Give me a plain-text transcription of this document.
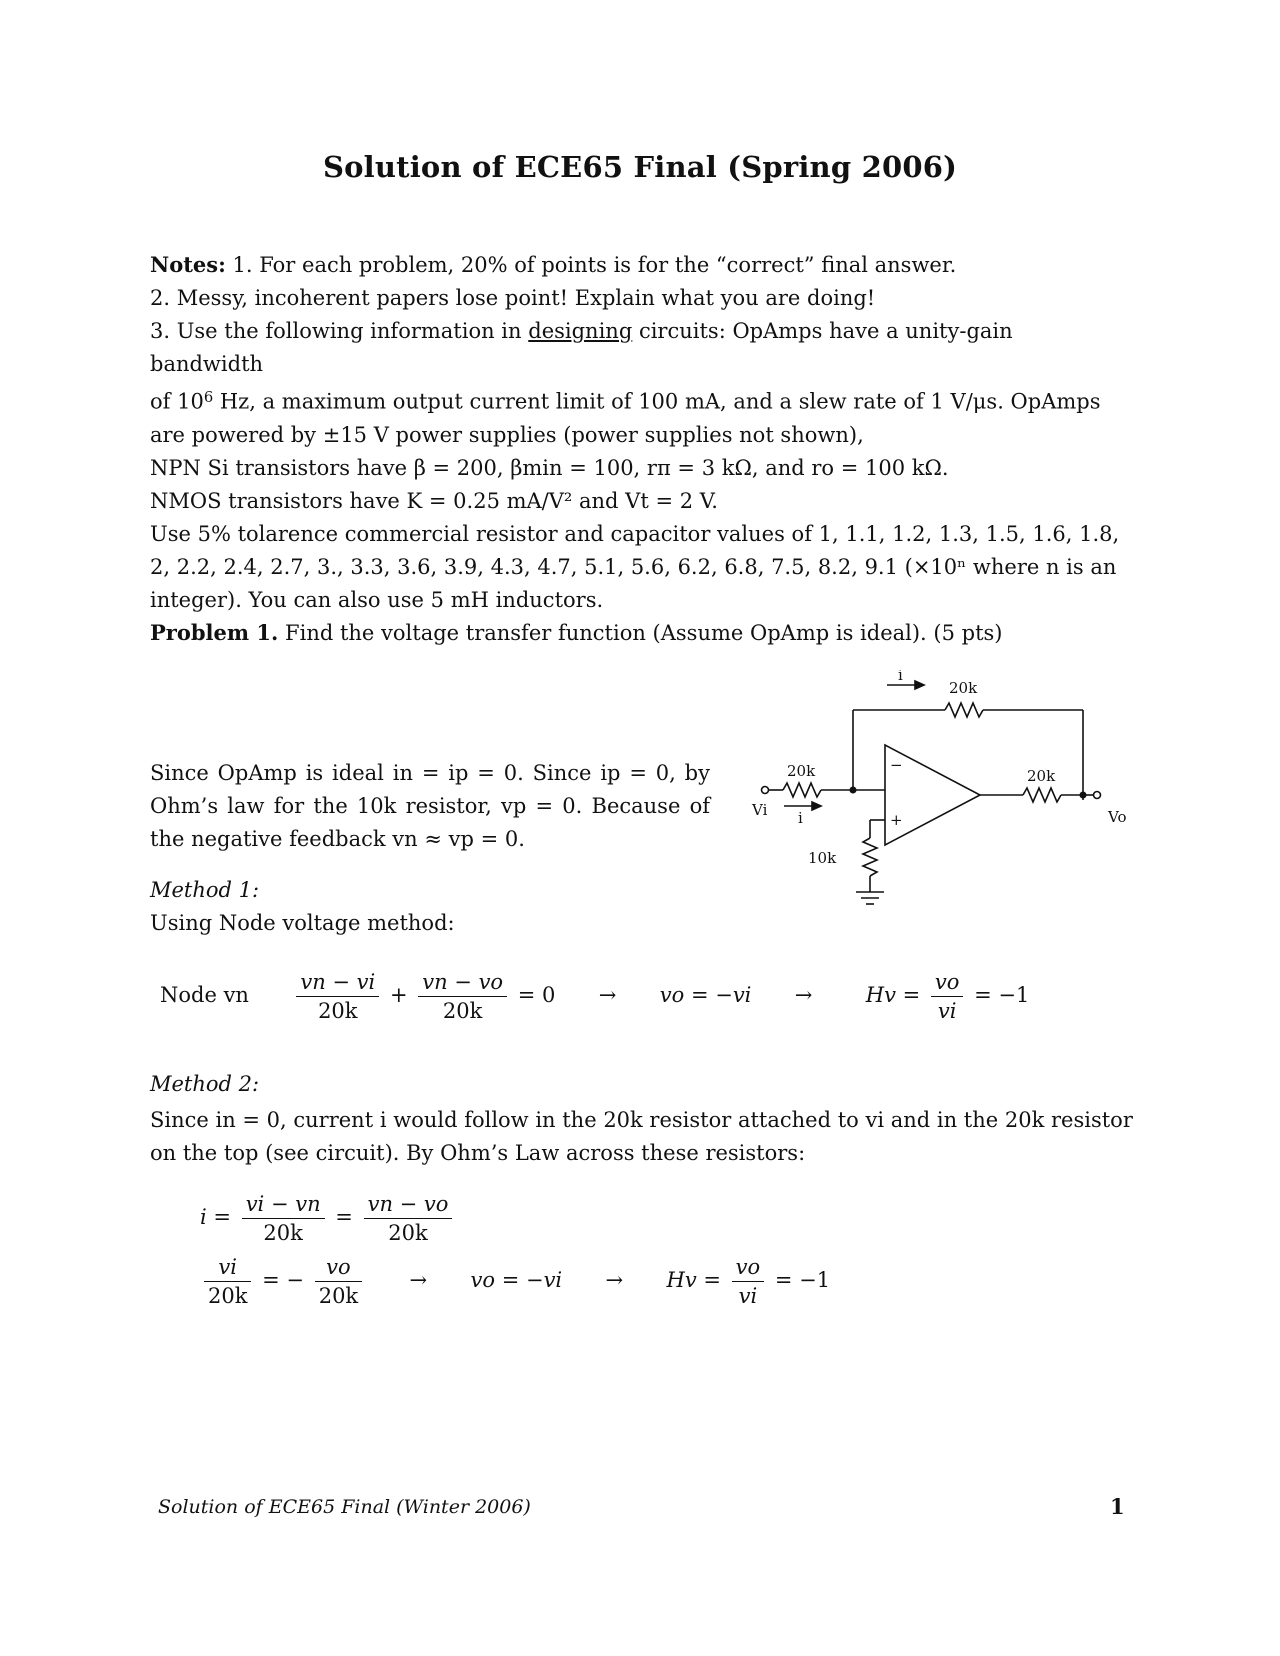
Solution of ECE65 Final (Spring 2006)

Notes: 1. For each problem, 20% of points is for the “correct” final answer.

2. Messy, incoherent papers lose point! Explain what you are doing!

3. Use the following information in designing circuits: OpAmps have a unity-gain bandwidth

of $10^6$ Hz, a maximum output current limit of 100 mA, and a slew rate of 1 V/μs. OpAmps

are powered by ±15 V power supplies (power supplies not shown),

NPN Si transistors have β = 200, βmin = 100, rπ = 3 kΩ, and ro = 100 kΩ.

NMOS transistors have K = 0.25 mA/V² and Vt = 2 V.

Use 5% tolarence commercial resistor and capacitor values of 1, 1.1, 1.2, 1.3, 1.5, 1.6, 1.8,

2, 2.2, 2.4, 2.7, 3., 3.3, 3.6, 3.9, 4.3, 4.7, 5.1, 5.6, 6.2, 6.8, 7.5, 8.2, 9.1 (×10ⁿ where n is an

integer). You can also use 5 mH inductors.

Problem 1. Find the voltage transfer function (Assume OpAmp is ideal). (5 pts)
Since OpAmp is ideal in = ip = 0. Since ip = 0, by Ohm’s law for the 10k resistor, vp = 0. Because of the negative feedback vn ≈ vp = 0.
−
+
20k
20k	20k
10k
i
i
Vi	Vo
Method 1:
Using Node voltage method:
Node vn $\frac{vn - vi}{20k} + \frac{vn - vo}{20k} = 0$ → vo = −vi →	$Hv = \frac{vo}{vi} = -1$
Method 2:
Since in = 0, current i would follow in the 20k resistor attached to vi and in the 20k resistor on the top (see circuit). By Ohm’s Law across these resistors:
$i = \frac{vi - vn}{20k} = \frac{vn - vo}{20k}$
$\frac{vi}{20k}$ = − $\frac{vo}{20k}$ → vo = $-vi \to Hv = \frac{vo}{vi} = -1$
Solution of ECE65 Final (Winter 2006)	1
